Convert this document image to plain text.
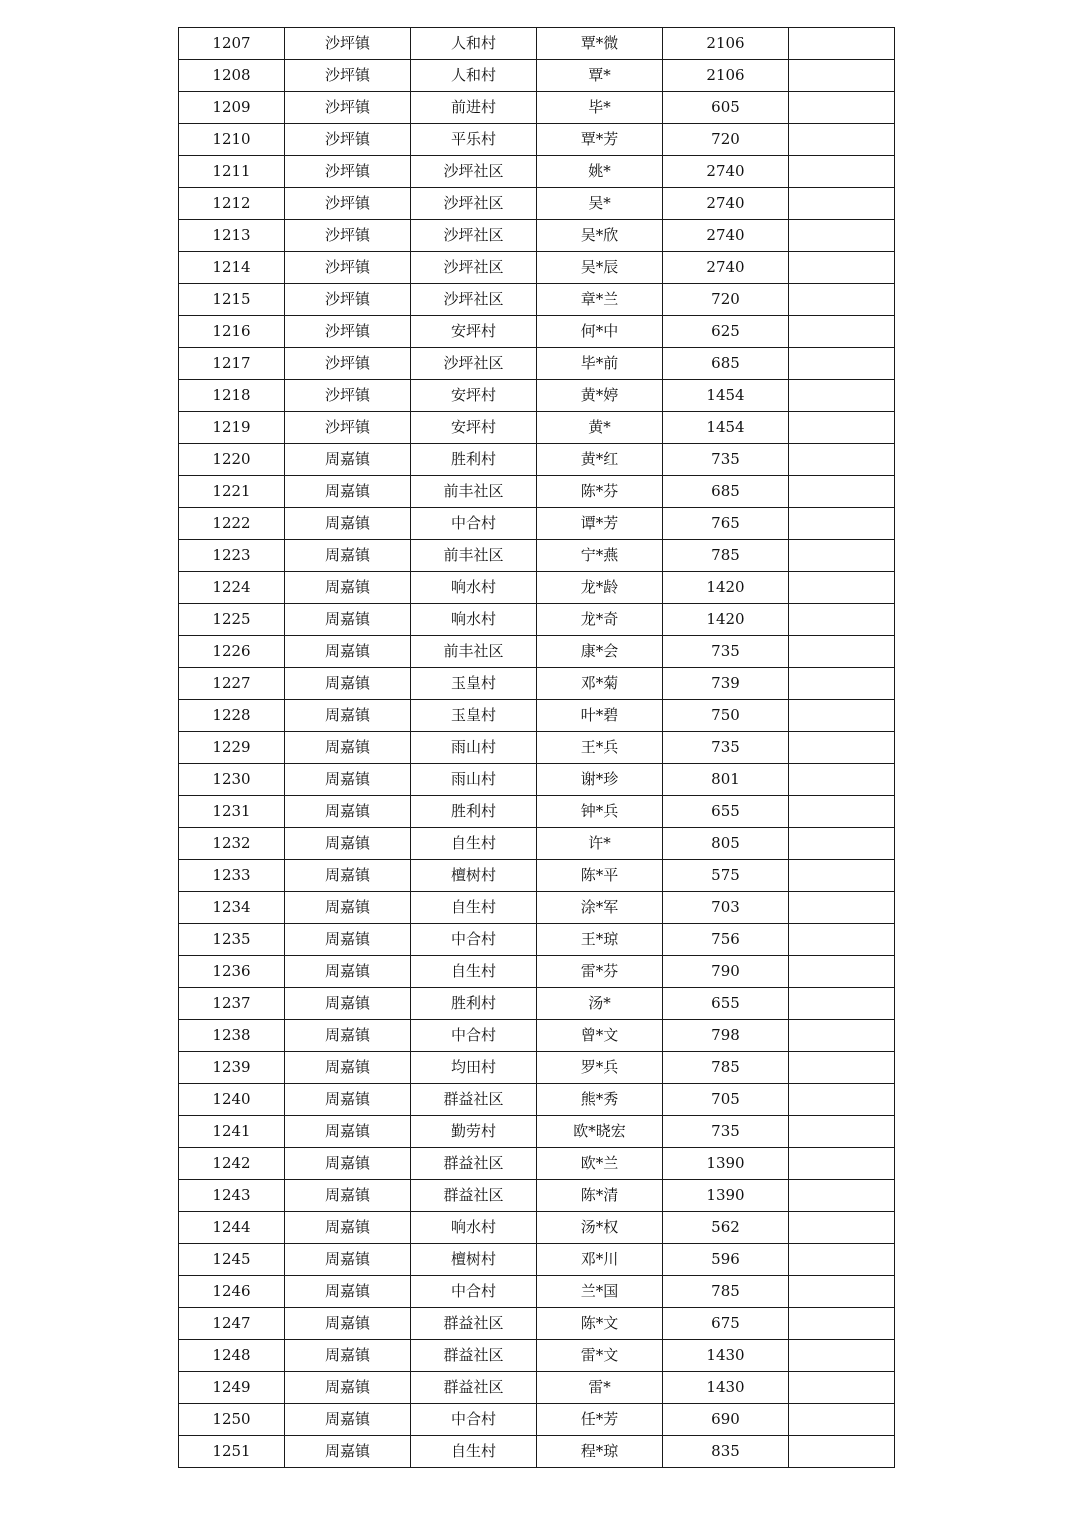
1207	沙坪镇	人和村	覃*微	2106	
1208	沙坪镇	人和村	覃*	2106	
1209	沙坪镇	前进村	毕*	605	
1210	沙坪镇	平乐村	覃*芳	720	
1211	沙坪镇	沙坪社区	姚*	2740	
1212	沙坪镇	沙坪社区	吴*	2740	
1213	沙坪镇	沙坪社区	吴*欣	2740	
1214	沙坪镇	沙坪社区	吴*辰	2740	
1215	沙坪镇	沙坪社区	章*兰	720	
1216	沙坪镇	安坪村	何*中	625	
1217	沙坪镇	沙坪社区	毕*前	685	
1218	沙坪镇	安坪村	黄*婷	1454	
1219	沙坪镇	安坪村	黄*	1454	
1220	周嘉镇	胜利村	黄*红	735	
1221	周嘉镇	前丰社区	陈*芬	685	
1222	周嘉镇	中合村	谭*芳	765	
1223	周嘉镇	前丰社区	宁*燕	785	
1224	周嘉镇	响水村	龙*龄	1420	
1225	周嘉镇	响水村	龙*奇	1420	
1226	周嘉镇	前丰社区	康*会	735	
1227	周嘉镇	玉皇村	邓*菊	739	
1228	周嘉镇	玉皇村	叶*碧	750	
1229	周嘉镇	雨山村	王*兵	735	
1230	周嘉镇	雨山村	谢*珍	801	
1231	周嘉镇	胜利村	钟*兵	655	
1232	周嘉镇	自生村	许*	805	
1233	周嘉镇	檀树村	陈*平	575	
1234	周嘉镇	自生村	涂*军	703	
1235	周嘉镇	中合村	王*琼	756	
1236	周嘉镇	自生村	雷*芬	790	
1237	周嘉镇	胜利村	汤*	655	
1238	周嘉镇	中合村	曾*文	798	
1239	周嘉镇	均田村	罗*兵	785	
1240	周嘉镇	群益社区	熊*秀	705	
1241	周嘉镇	勤劳村	欧*晓宏	735	
1242	周嘉镇	群益社区	欧*兰	1390	
1243	周嘉镇	群益社区	陈*清	1390	
1244	周嘉镇	响水村	汤*权	562	
1245	周嘉镇	檀树村	邓*川	596	
1246	周嘉镇	中合村	兰*国	785	
1247	周嘉镇	群益社区	陈*文	675	
1248	周嘉镇	群益社区	雷*文	1430	
1249	周嘉镇	群益社区	雷*	1430	
1250	周嘉镇	中合村	任*芳	690	
1251	周嘉镇	自生村	程*琼	835	
